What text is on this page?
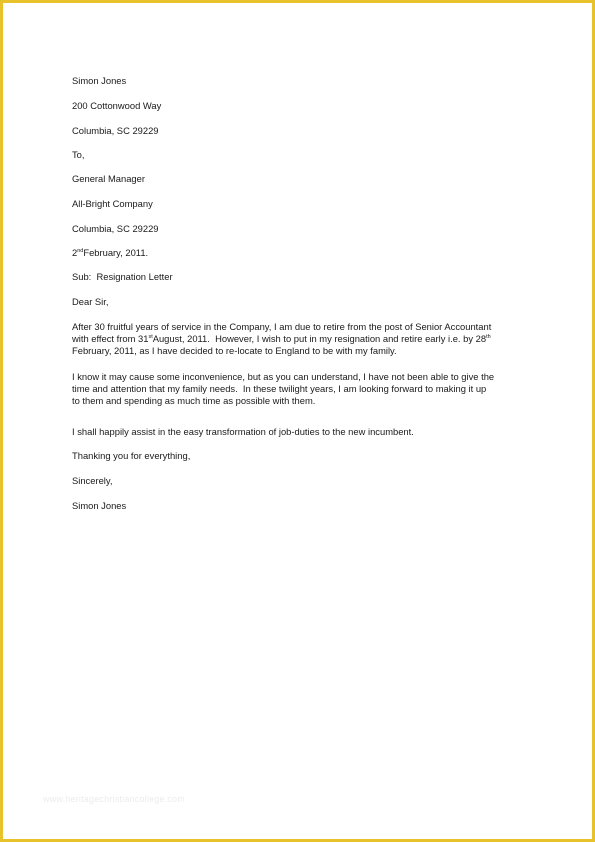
Simon Jones

200 Cottonwood Way

Columbia, SC 29229

To,

General Manager

All-Bright Company

Columbia, SC 29229

2ndFebruary, 2011.

Sub:  Resignation Letter

Dear Sir,

After 30 fruitful years of service in the Company, I am due to retire from the post of Senior Accountant
with effect from 31stAugust, 2011.  However, I wish to put in my resignation and retire early i.e. by 28th
February, 2011, as I have decided to re-locate to England to be with my family.
I know it may cause some inconvenience, but as you can understand, I have not been able to give the
time and attention that my family needs.  In these twilight years, I am looking forward to making it up
to them and spending as much time as possible with them.

I shall happily assist in the easy transformation of job-duties to the new incumbent.

Thanking you for everything,

Sincerely,

Simon Jones

www.heritagechristiancollege.com
